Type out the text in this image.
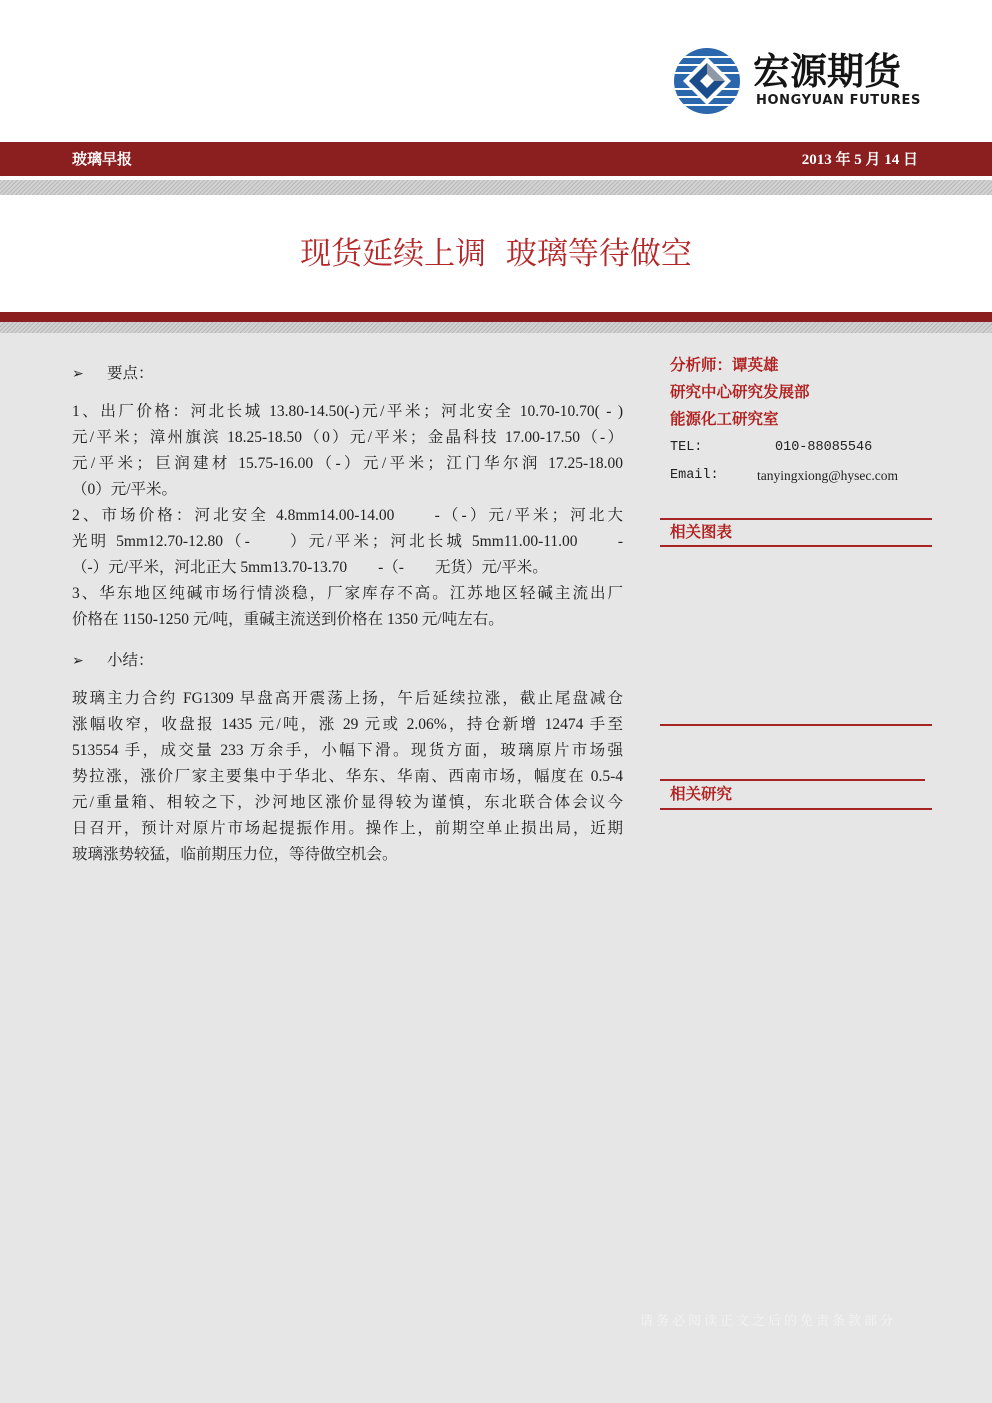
宏源期货
HONGYUAN FUTURES
玻璃早报	2013 年 5 月 14 日
现货延续上调  玻璃等待做空
➢ 要点：
1、出厂价格：河北长城 13.80-14.50(-)元/平米；河北安全 10.70-10.70( - )
元/平米；漳州旗滨 18.25-18.50（0）元/平米；金晶科技 17.00-17.50（-）
元/平米；巨润建材 15.75-16.00（-）元/平米；江门华尔润 17.25-18.00
（0）元/平米。
2、市场价格：河北安全 4.8mm14.00-14.00　　-（-）元/平米；河北大
光明 5mm12.70-12.80（-　　）元/平米；河北长城 5mm11.00-11.00　　-
（-）元/平米，河北正大 5mm13.70-13.70　　-（-　　无货）元/平米。
3、华东地区纯碱市场行情淡稳，厂家库存不高。江苏地区轻碱主流出厂
价格在 1150-1250 元/吨，重碱主流送到价格在 1350 元/吨左右。
➢ 小结：
玻璃主力合约 FG1309 早盘高开震荡上扬，午后延续拉涨，截止尾盘减仓
涨幅收窄，收盘报 1435 元/吨，涨 29 元或 2.06%，持仓新增 12474 手至
513554 手，成交量 233 万余手，小幅下滑。现货方面，玻璃原片市场强
势拉涨，涨价厂家主要集中于华北、华东、华南、西南市场，幅度在 0.5-4
元/重量箱、相较之下，沙河地区涨价显得较为谨慎，东北联合体会议今
日召开，预计对原片市场起提振作用。操作上，前期空单止损出局，近期
玻璃涨势较猛，临前期压力位，等待做空机会。
分析师：谭英雄
研究中心研究发展部
能源化工研究室
TEL:	010-88085546
Email:	tanyingxiong@hysec.com
相关图表
相关研究
请务必阅读正文之后的免责条款部分
